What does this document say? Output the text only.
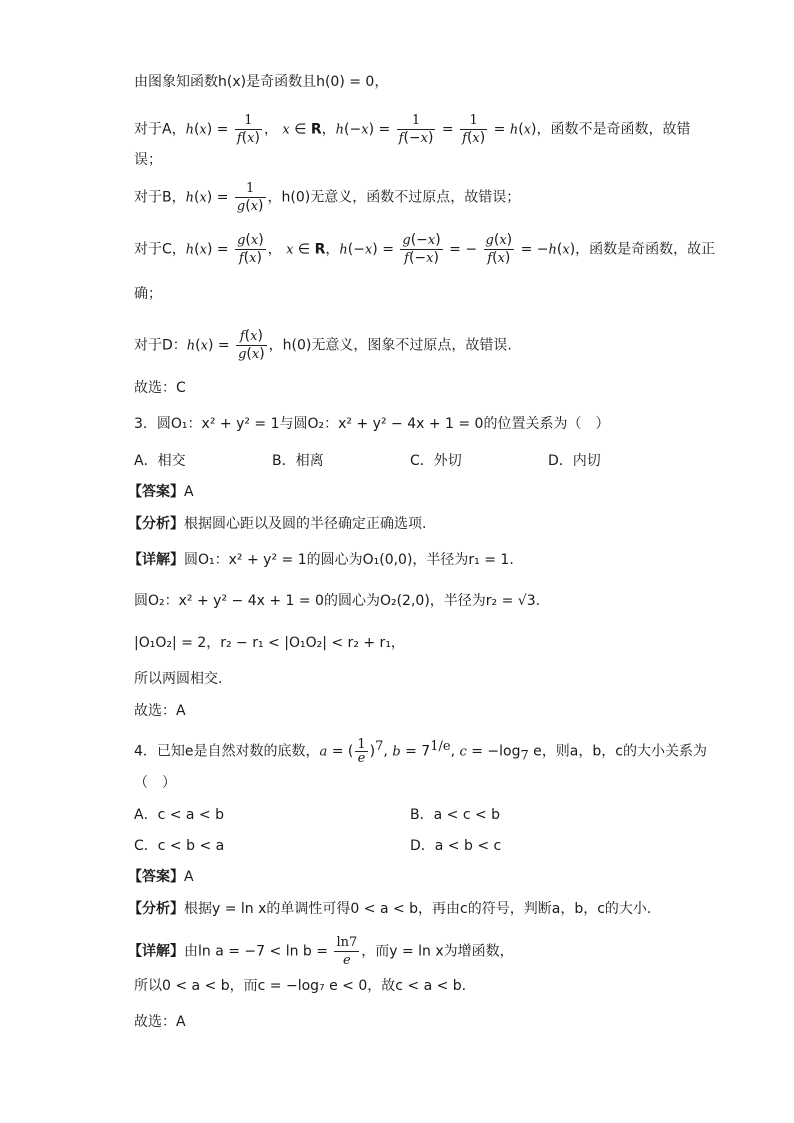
由图象知函数h(x)是奇函数且h(0) = 0，
对于A，$h(x) = \frac{1}{f(x)}$ ， x ∈ R，$h(-x) = \frac{1}{f(-x)} = \frac{1}{f(x)} = h(x)$，函数不是奇函数，故错
误；
对于B，$h(x) = \frac{1}{g(x)}$ ，h(0)无意义，函数不过原点，故错误；
对于C，$h(x) = \frac{g(x)}{f(x)}$ ， x ∈ R，$h(-x) = \frac{g(-x)}{f(-x)}$ = − $\frac{g(x)}{f(x)} = -h(x)$，函数是奇函数，故正
确；
对于D：$h(x) = \frac{f(x)}{g(x)}$ ，h(0)无意义，图象不过原点，故错误.
故选：C
3．圆O₁：x² + y² = 1与圆O₂：x² + y² − 4x + 1 = 0的位置关系为（　）
A．相交	B．相离	C．外切	D．内切
【答案】A
【分析】根据圆心距以及圆的半径确定正确选项.
【详解】圆O₁：x² + y² = 1的圆心为O₁(0,0)，半径为r₁ = 1.
圆O₂：x² + y² − 4x + 1 = 0的圆心为O₂(2,0)，半径为r₂ = √3.
|O₁O₂| = 2，r₂ − r₁ < |O₁O₂| < r₂ + r₁，
所以两圆相交.
故选：A
4．已知e是自然对数的底数，a = ( $\frac{1}{e} )^7$, $b = 7^{1/e}$, $c = -\log_7$ e，则a，b，c的大小关系为
（　）
A．c < a < b	B．a < c < b
C．c < b < a	D．a < b < c
【答案】A
【分析】根据y = ln x的单调性可得0 < a < b，再由c的符号，判断a，b，c的大小.
【详解】由$\ln a = -7 < \ln b = \frac{\ln 7}{e}$ ，而y = ln x为增函数，
所以0 < a < b，而c = −log₇ e < 0，故c < a < b.
故选：A
